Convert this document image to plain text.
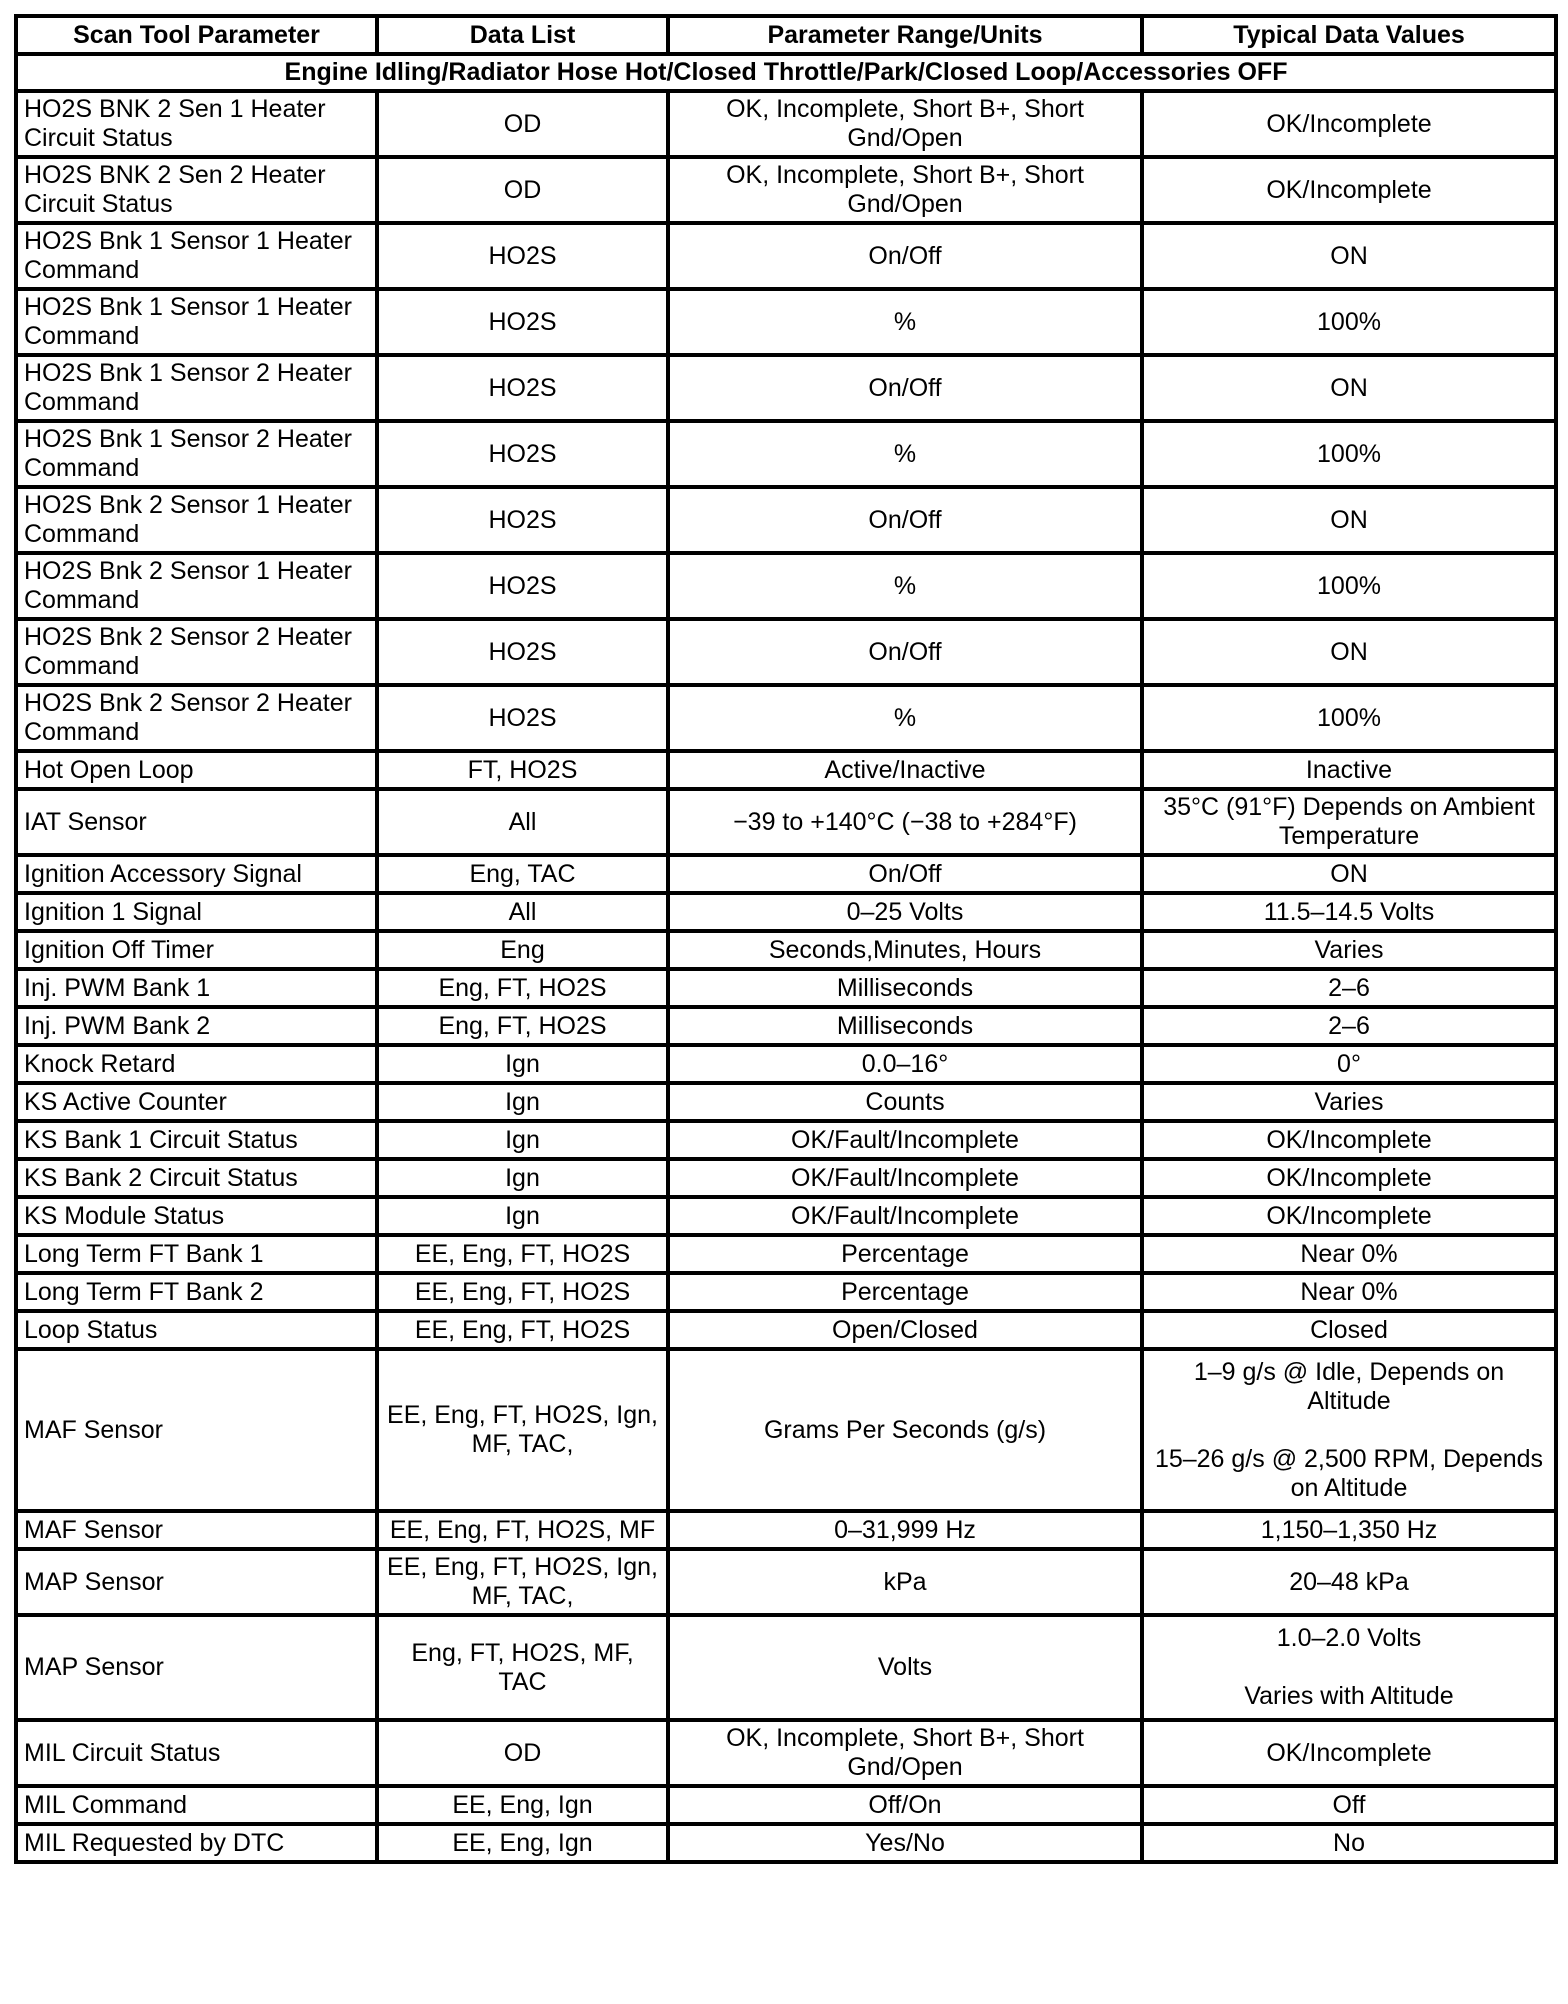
Scan Tool Parameter	Data List	Parameter Range/Units	Typical Data Values
Engine Idling/Radiator Hose Hot/Closed Throttle/Park/Closed Loop/Accessories OFF			
HO2S BNK 2 Sen 1 Heater Circuit Status	OD	OK, Incomplete, Short B+, Short Gnd/Open	OK/Incomplete
HO2S BNK 2 Sen 2 Heater Circuit Status	OD	OK, Incomplete, Short B+, Short Gnd/Open	OK/Incomplete
HO2S Bnk 1 Sensor 1 Heater Command	HO2S	On/Off	ON
HO2S Bnk 1 Sensor 1 Heater Command	HO2S	%	100%
HO2S Bnk 1 Sensor 2 Heater Command	HO2S	On/Off	ON
HO2S Bnk 1 Sensor 2 Heater Command	HO2S	%	100%
HO2S Bnk 2 Sensor 1 Heater Command	HO2S	On/Off	ON
HO2S Bnk 2 Sensor 1 Heater Command	HO2S	%	100%
HO2S Bnk 2 Sensor 2 Heater Command	HO2S	On/Off	ON
HO2S Bnk 2 Sensor 2 Heater Command	HO2S	%	100%
Hot Open Loop	FT, HO2S	Active/Inactive	Inactive
IAT Sensor	All	−39 to +140°C (−38 to +284°F)	35°C (91°F) Depends on Ambient Temperature
Ignition Accessory Signal	Eng, TAC	On/Off	ON
Ignition 1 Signal	All	0–25 Volts	11.5–14.5 Volts
Ignition Off Timer	Eng	Seconds,Minutes, Hours	Varies
Inj. PWM Bank 1	Eng, FT, HO2S	Milliseconds	2–6
Inj. PWM Bank 2	Eng, FT, HO2S	Milliseconds	2–6
Knock Retard	Ign	0.0–16°	0°
KS Active Counter	Ign	Counts	Varies
KS Bank 1 Circuit Status	Ign	OK/Fault/Incomplete	OK/Incomplete
KS Bank 2 Circuit Status	Ign	OK/Fault/Incomplete	OK/Incomplete
KS Module Status	Ign	OK/Fault/Incomplete	OK/Incomplete
Long Term FT Bank 1	EE, Eng, FT, HO2S	Percentage	Near 0%
Long Term FT Bank 2	EE, Eng, FT, HO2S	Percentage	Near 0%
Loop Status	EE, Eng, FT, HO2S	Open/Closed	Closed
MAF Sensor	EE, Eng, FT, HO2S, Ign, MF, TAC,	Grams Per Seconds (g/s)	1–9 g/s @ Idle, Depends on Altitude

15–26 g/s @ 2,500 RPM, Depends on Altitude
MAF Sensor	EE, Eng, FT, HO2S, MF	0–31,999 Hz	1,150–1,350 Hz
MAP Sensor	EE, Eng, FT, HO2S, Ign, MF, TAC,	kPa	20–48 kPa
MAP Sensor	Eng, FT, HO2S, MF, TAC	Volts	1.0–2.0 Volts

Varies with Altitude
MIL Circuit Status	OD	OK, Incomplete, Short B+, Short Gnd/Open	OK/Incomplete
MIL Command	EE, Eng, Ign	Off/On	Off
MIL Requested by DTC	EE, Eng, Ign	Yes/No	No
